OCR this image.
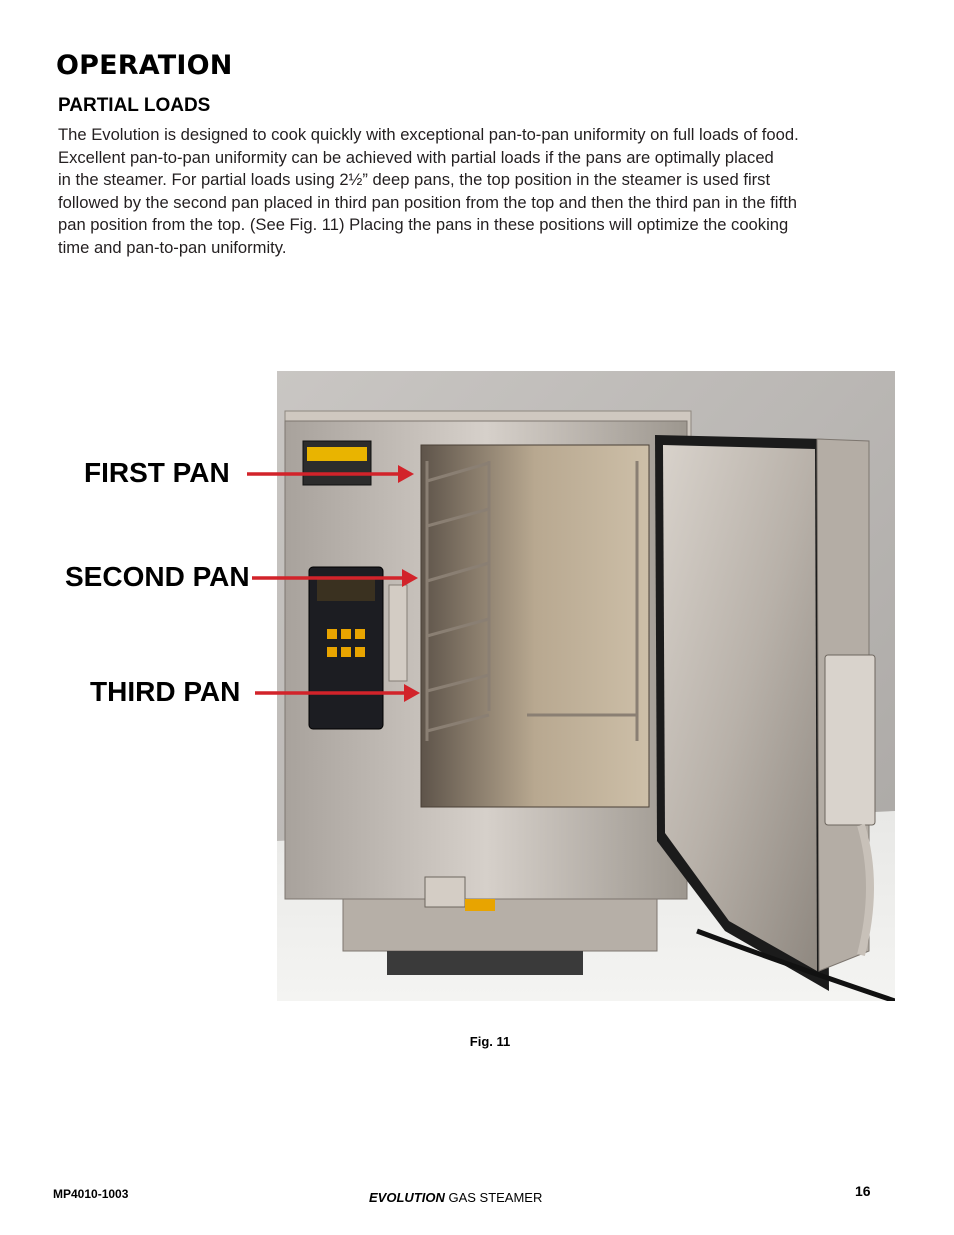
OPERATION
PARTIAL LOADS

The Evolution is designed to cook quickly with exceptional pan-to-pan uniformity on full loads of food.
Excellent pan-to-pan uniformity can be achieved with partial loads if the pans are optimally placed
in the steamer. For partial loads using 2½” deep pans, the top position in the steamer is used first
followed by the second pan placed in third pan position from the top and then the third pan in the fifth
pan position from the top. (See Fig. 11) Placing the pans in these positions will optimize the cooking
time and pan-to-pan uniformity.

FIRST PAN
SECOND PAN
THIRD PAN
Fig. 11
MP4010-1003	EVOLUTION GAS STEAMER	16
